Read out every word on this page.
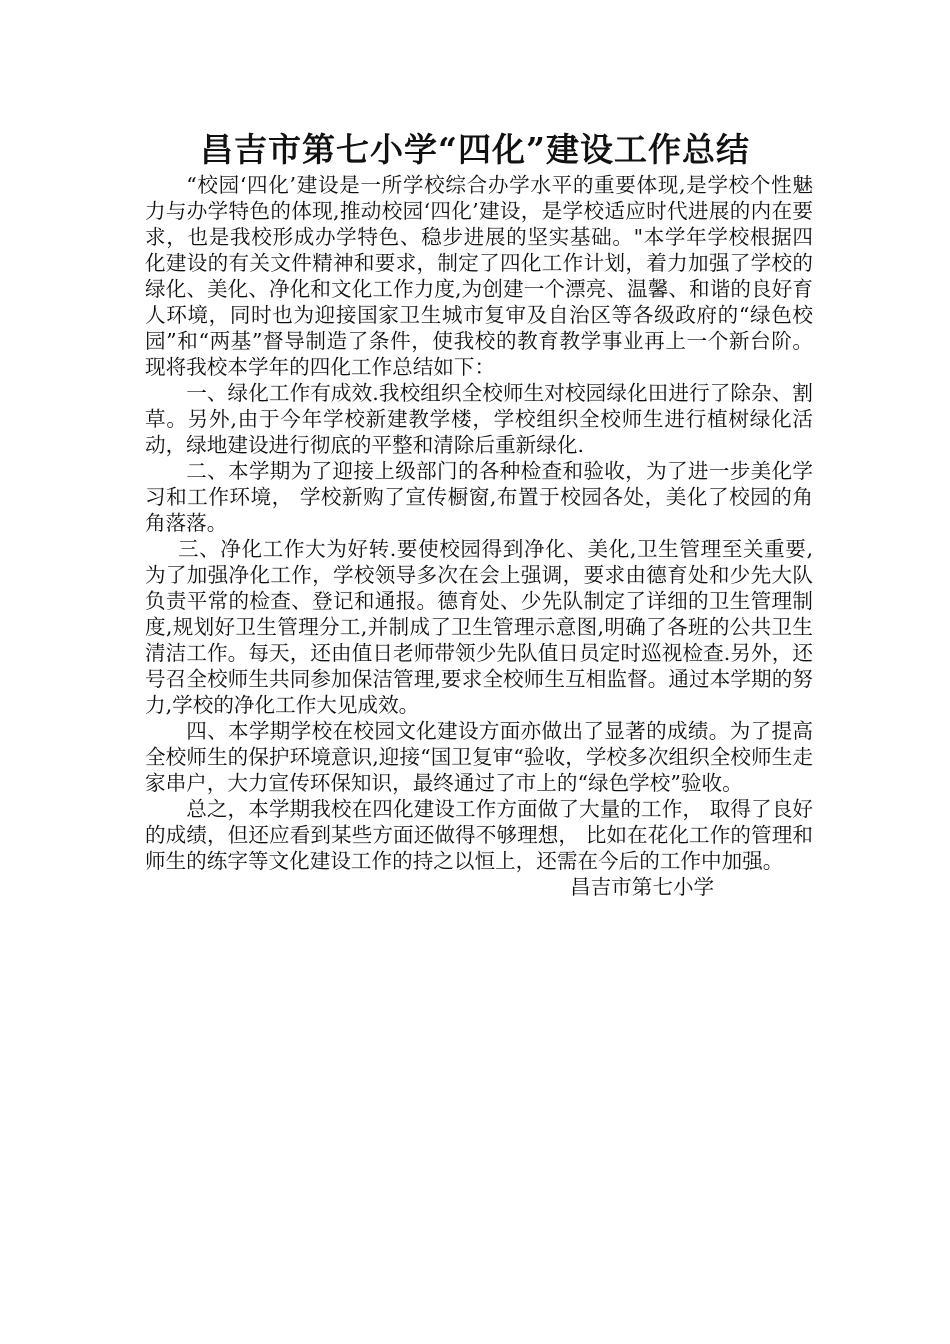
昌吉市第七小学“四化”建设工作总结

“校园‘四化’建设是一所学校综合办学水平的重要体现,是学校个性魅力与办学特色的体现,推动校园‘四化’建设，是学校适应时代进展的内在要求，也是我校形成办学特色、稳步进展的坚实基础。"本学年学校根据四化建设的有关文件精神和要求，制定了四化工作计划，着力加强了学校的绿化、美化、净化和文化工作力度,为创建一个漂亮、温馨、和谐的良好育人环境，同时也为迎接国家卫生城市复审及自治区等各级政府的“绿色校园”和“两基”督导制造了条件，使我校的教育教学事业再上一个新台阶。现将我校本学年的四化工作总结如下：

一、绿化工作有成效.我校组织全校师生对校园绿化田进行了除杂、割草。另外,由于今年学校新建教学楼，学校组织全校师生进行植树绿化活动，绿地建设进行彻底的平整和清除后重新绿化.

二、本学期为了迎接上级部门的各种检查和验收，为了进一步美化学习和工作环境， 学校新购了宣传橱窗,布置于校园各处，美化了校园的角角落落。

三、净化工作大为好转.要使校园得到净化、美化,卫生管理至关重要,为了加强净化工作，学校领导多次在会上强调，要求由德育处和少先大队负责平常的检查、登记和通报。德育处、少先队制定了详细的卫生管理制度,规划好卫生管理分工,并制成了卫生管理示意图,明确了各班的公共卫生清洁工作。每天，还由值日老师带领少先队值日员定时巡视检查.另外，还号召全校师生共同参加保洁管理,要求全校师生互相监督。通过本学期的努力,学校的净化工作大见成效。

四、本学期学校在校园文化建设方面亦做出了显著的成绩。为了提高全校师生的保护环境意识,迎接“国卫复审“验收，学校多次组织全校师生走家串户，大力宣传环保知识，最终通过了市上的“绿色学校”验收。

总之，本学期我校在四化建设工作方面做了大量的工作， 取得了良好的成绩，但还应看到某些方面还做得不够理想， 比如在花化工作的管理和师生的练字等文化建设工作的持之以恒上，还需在今后的工作中加强。

昌吉市第七小学
